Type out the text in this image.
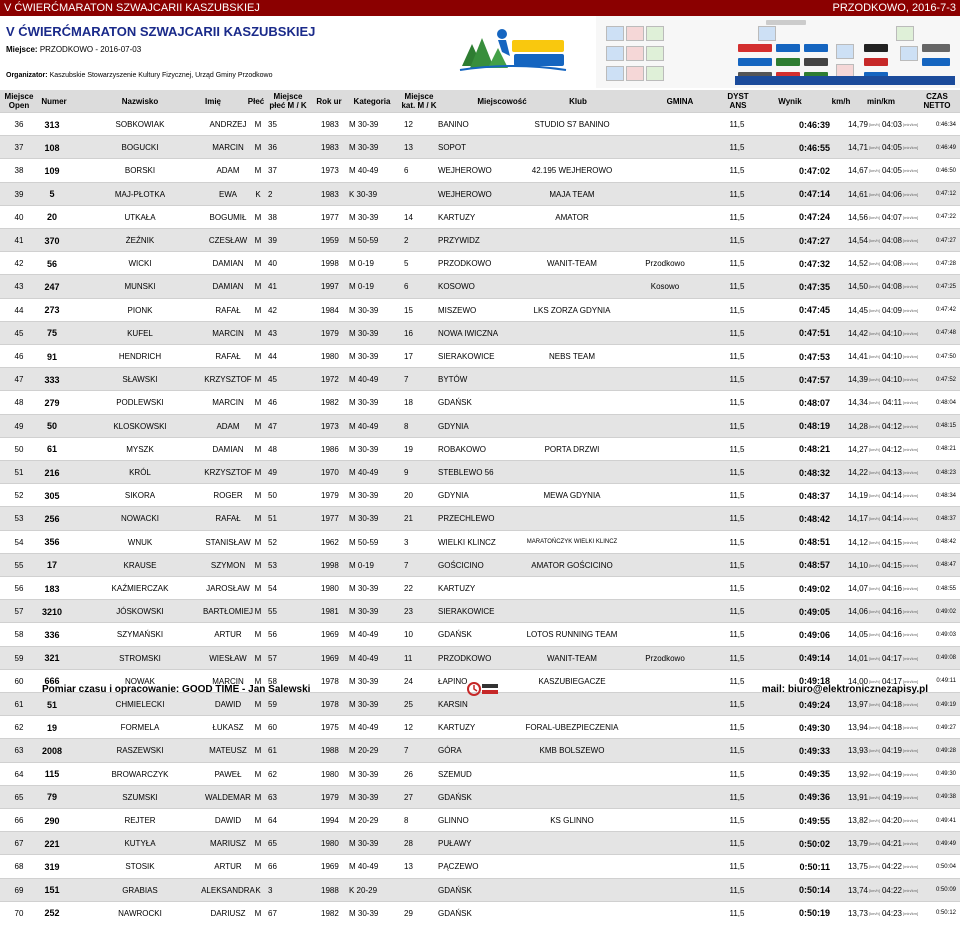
V ĆWIERĆMARATON SZWAJCARII KASZUBSKIEJ	PRZODKOWO, 2016-7-3
V ĆWIERĆMARATON SZWAJCARII KASZUBSKIEJ
Miejsce: PRZODKOWO - 2016-07-03
Organizator: Kaszubskie Stowarzyszenie Kultury Fizycznej, Urząd Gminy Przodkowo
Miejsce Open	Numer	Nazwisko	Imię	Płeć	Miejsce płeć M / K	Rok ur	Kategoria	Miejsce kat. M / K	Miejscowość	Klub	GMINA	DYST ANS	Wynik	km/h	min/km	CZAS NETTO
36	313	SOBKOWIAK	ANDRZEJ	M 35	1983	M 30-39	12	BANINO	STUDIO S7 BANINO	11,5	0:46:39	14,79 [km/h] 04:03 [min/km]	0:46:34
37	108	BOGUCKI	MARCIN	M 36	1983	M 30-39	13	SOPOT	11,5	0:46:55	14,71 [km/h] 04:05 [min/km]	0:46:49
38	109	BORSKI	ADAM	M 37	1973	M 40-49	6	WEJHEROWO	42.195 WEJHEROWO	11,5	0:47:02	14,67 [km/h] 04:05 [min/km]	0:46:50
39	5	MAJ-PŁOTKA	EWA	K 2	1983	K 30-39	WEJHEROWO	MAJA TEAM	11,5	0:47:14	14,61 [km/h] 04:06 [min/km]	0:47:12
40	20	UTKAŁA	BOGUMIŁ	M 38	1977	M 30-39	14	KARTUZY	AMATOR	11,5	0:47:24	14,56 [km/h] 04:07 [min/km]	0:47:22
41	370	ŻEŹNIK	CZESŁAW M 39	1959	M 50-59	2	PRZYWIDZ	11,5	0:47:27	14,54 [km/h] 04:08 [min/km]	0:47:27
42	56	WICKI	DAMIAN	M 40	1998	M 0-19	5	PRZODKOWO	WANIT-TEAM	Przodkowo	11,5	0:47:32	14,52 [km/h] 04:08 [min/km]	0:47:28
43	247	MUNSKI	DAMIAN	M 41	1997	M 0-19	6	KOSOWO	Kosowo	11,5	0:47:35	14,50 [km/h] 04:08 [min/km]	0:47:25
44	273	PIONK	RAFAŁ	M 42	1984	M 30-39	15	MISZEWO	LKS ZORZA GDYNIA	11,5	0:47:45	14,45 [km/h] 04:09 [min/km]	0:47:42
45	75	KUFEL	MARCIN	M 43	1979	M 30-39	16	NOWA IWICZNA	11,5	0:47:51	14,42 [km/h] 04:10 [min/km]	0:47:48
46	91	HENDRICH	RAFAŁ	M 44	1980	M 30-39	17	SIERAKOWICE	NEBS TEAM	11,5	0:47:53	14,41 [km/h] 04:10 [min/km]	0:47:50
47	333	SŁAWSKI	KRZYSZTOF M 45	1972	M 40-49	7	BYTÓW	11,5	0:47:57	14,39 [km/h] 04:10 [min/km]	0:47:52
48	279	PODLEWSKI	MARCIN	M 46	1982	M 30-39	18	GDAŃSK	11,5	0:48:07	14,34 [km/h] 04:11 [min/km]	0:48:04
49	50	KLOSKOWSKI	ADAM	M 47	1973	M 40-49	8	GDYNIA	11,5	0:48:19	14,28 [km/h] 04:12 [min/km]	0:48:15
50	61	MYSZK	DAMIAN	M 48	1986	M 30-39	19	ROBAKOWO	PORTA DRZWI	11,5	0:48:21	14,27 [km/h] 04:12 [min/km]	0:48:21
51	216	KRÓL	KRZYSZTOF M 49	1970	M 40-49	9	STEBLEWO 56	11,5	0:48:32	14,22 [km/h] 04:13 [min/km]	0:48:23
52	305	SIKORA	ROGER	M 50	1979	M 30-39	20	GDYNIA	MEWA GDYNIA	11,5	0:48:37	14,19 [km/h] 04:14 [min/km]	0:48:34
53	256	NOWACKI	RAFAŁ	M 51	1977	M 30-39	21	PRZECHLEWO	11,5	0:48:42	14,17 [km/h] 04:14 [min/km]	0:48:37
54	356	WNUK	STANISŁAW M 52	1962	M 50-59	3	WIELKI KLINCZ	MARATOŃCZYK WIELKI KLINCZ	11,5	0:48:51	14,12 [km/h] 04:15 [min/km]	0:48:42
55	17	KRAUSE	SZYMON	M 53	1998	M 0-19	7	GOŚCICINO	AMATOR GOŚCICINO	11,5	0:48:57	14,10 [km/h] 04:15 [min/km]	0:48:47
56	183	KAŹMIERCZAK	JAROSŁAW M 54	1980	M 30-39	22	KARTUZY	11,5	0:49:02	14,07 [km/h] 04:16 [min/km]	0:48:55
57	3210	JÓSKOWSKI	BARTŁOMIEJ M 55	1981	M 30-39	23	SIERAKOWICE	11,5	0:49:05	14,06 [km/h] 04:16 [min/km]	0:49:02
58	336	SZYMAŃSKI	ARTUR	M 56	1969	M 40-49	10	GDAŃSK	LOTOS RUNNING TEAM	11,5	0:49:06	14,05 [km/h] 04:16 [min/km]	0:49:03
59	321	STROMSKI	WIESŁAW M 57	1969	M 40-49	11	PRZODKOWO	WANIT-TEAM	Przodkowo	11,5	0:49:14	14,01 [km/h] 04:17 [min/km]	0:49:08
60	666	NOWAK	MARCIN	M 58	1978	M 30-39	24	ŁAPINO	KASZUBIEGACZE	11,5	0:49:18	14,00 [km/h] 04:17 [min/km]	0:49:11
61	51	CHMIELECKI	DAWID	M 59	1978	M 30-39	25	KARSIN	11,5	0:49:24	13,97 [km/h] 04:18 [min/km]	0:49:19
62	19	FORMELA	ŁUKASZ	M 60	1975	M 40-49	12	KARTUZY	FORAL-UBEZPIECZENIA	11,5	0:49:30	13,94 [km/h] 04:18 [min/km]	0:49:27
63	2008	RASZEWSKI	MATEUSZ M 61	1988	M 20-29	7	GÓRA	KMB BOLSZEWO	11,5	0:49:33	13,93 [km/h] 04:19 [min/km]	0:49:28
64	115	BROWARCZYK	PAWEŁ	M 62	1980	M 30-39	26	SZEMUD	11,5	0:49:35	13,92 [km/h] 04:19 [min/km]	0:49:30
65	79	SZUMSKI	WALDEMAR M 63	1979	M 30-39	27	GDAŃSK	11,5	0:49:36	13,91 [km/h] 04:19 [min/km]	0:49:38
66	290	REJTER	DAWID	M 64	1994	M 20-29	8	GLINNO	KS GLINNO	11,5	0:49:55	13,82 [km/h] 04:20 [min/km]	0:49:41
67	221	KUTYŁA	MARIUSZ	M 65	1980	M 30-39	28	PUŁAWY	11,5	0:50:02	13,79 [km/h] 04:21 [min/km]	0:49:49
68	319	STOSIK	ARTUR	M 66	1969	M 40-49	13	PĄCZEWO	11,5	0:50:11	13,75 [km/h] 04:22 [min/km]	0:50:04
69	151	GRABIAS	ALEKSANDRA K 3	1988	K 20-29	GDAŃSK	11,5	0:50:14	13,74 [km/h] 04:22 [min/km]	0:50:09
70	252	NAWROCKI	DARIUSZ	M 67	1982	M 30-39	29	GDAŃSK	11,5	0:50:19	13,73 [km/h] 04:23 [min/km]	0:50:12
Pomiar czasu i opracowanie: GOOD TIME - Jan Salewski	mail: biuro@elektronicznezapisy.pl
